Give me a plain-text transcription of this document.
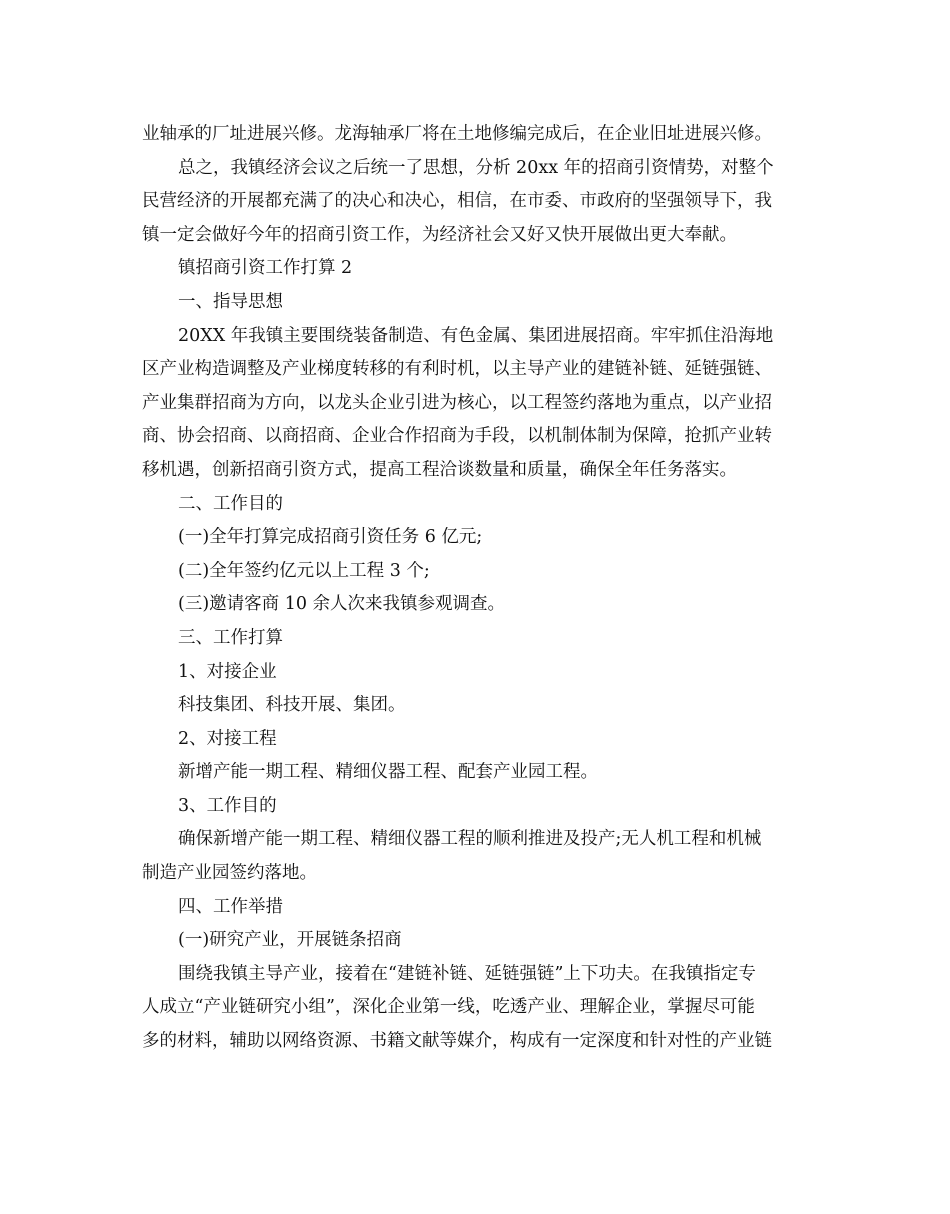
业轴承的厂址进展兴修。龙海轴承厂将在土地修编完成后，在企业旧址进展兴修。
总之，我镇经济会议之后统一了思想，分析 20xx 年的招商引资情势，对整个
民营经济的开展都充满了的决心和决心，相信，在市委、市政府的坚强领导下，我
镇一定会做好今年的招商引资工作，为经济社会又好又快开展做出更大奉献。
镇招商引资工作打算 2
一、指导思想
20XX 年我镇主要围绕装备制造、有色金属、集团进展招商。牢牢抓住沿海地
区产业构造调整及产业梯度转移的有利时机，以主导产业的建链补链、延链强链、
产业集群招商为方向，以龙头企业引进为核心，以工程签约落地为重点，以产业招
商、协会招商、以商招商、企业合作招商为手段，以机制体制为保障，抢抓产业转
移机遇，创新招商引资方式，提高工程洽谈数量和质量，确保全年任务落实。
二、工作目的
(一)全年打算完成招商引资任务 6 亿元;
(二)全年签约亿元以上工程 3 个;
(三)邀请客商 10 余人次来我镇参观调查。
三、工作打算
1、对接企业
科技集团、科技开展、集团。
2、对接工程
新增产能一期工程、精细仪器工程、配套产业园工程。
3、工作目的
确保新增产能一期工程、精细仪器工程的顺利推进及投产;无人机工程和机械
制造产业园签约落地。
四、工作举措
(一)研究产业，开展链条招商
围绕我镇主导产业，接着在“建链补链、延链强链”上下功夫。在我镇指定专
人成立“产业链研究小组”，深化企业第一线，吃透产业、理解企业，掌握尽可能
多的材料，辅助以网络资源、书籍文献等媒介，构成有一定深度和针对性的产业链
